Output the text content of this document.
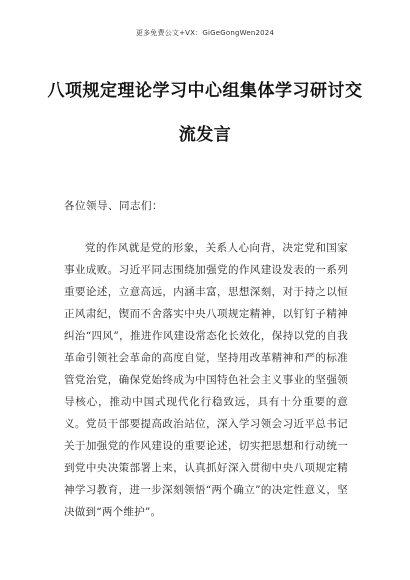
更多免费公文+VX：GiGeGongWen2024
八项规定理论学习中心组集体学习研讨交
流发言
各位领导、同志们：

党的作风就是党的形象，关系人心向背，决定党和国家事业成败。习近平同志围绕加强党的作风建设发表的一系列重要论述，立意高远，内涵丰富，思想深刻，对于持之以恒正风肃纪，锲而不舍落实中央八项规定精神，以钉钉子精神纠治“四风”，推进作风建设常态化长效化，保持以党的自我革命引领社会革命的高度自觉，坚持用改革精神和严的标准管党治党，确保党始终成为中国特色社会主义事业的坚强领导核心，推动中国式现代化行稳致远，具有十分重要的意义。党员干部要提高政治站位，深入学习领会习近平总书记关于加强党的作风建设的重要论述，切实把思想和行动统一到党中央决策部署上来，认真抓好深入贯彻中央八项规定精神学习教育，进一步深刻领悟“两个确立”的决定性意义，坚决做到“两个维护”。
